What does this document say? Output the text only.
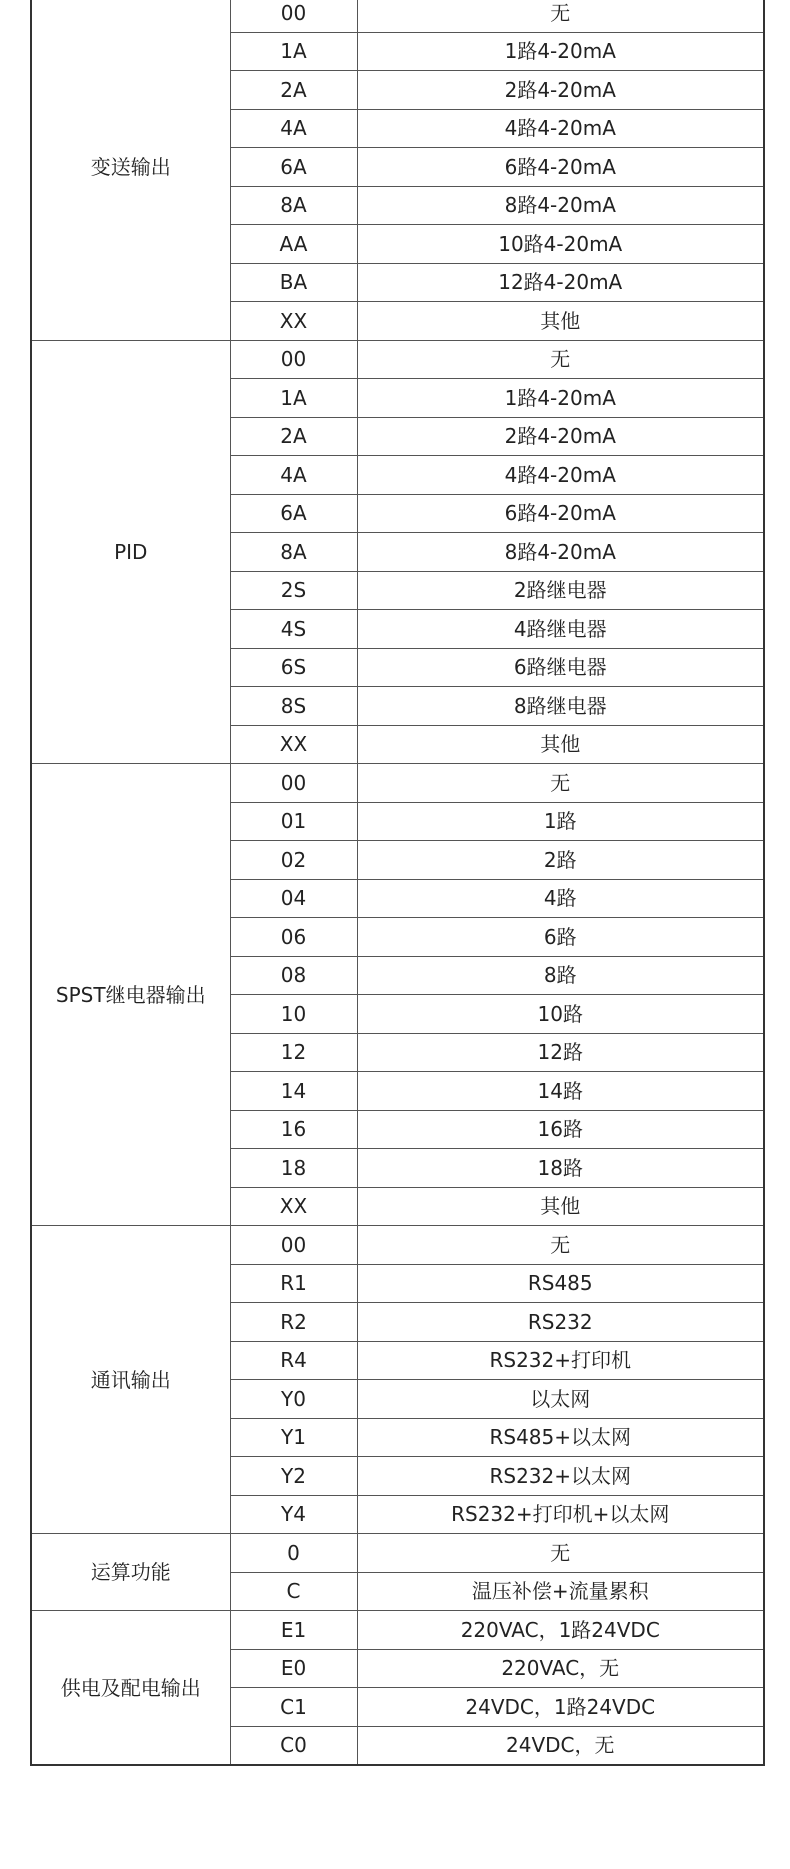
变送输出	00	无
	1A	1路4-20mA
	2A	2路4-20mA
	4A	4路4-20mA
	6A	6路4-20mA
	8A	8路4-20mA
	AA	10路4-20mA
	BA	12路4-20mA
	XX	其他
PID	00	无
	1A	1路4-20mA
	2A	2路4-20mA
	4A	4路4-20mA
	6A	6路4-20mA
	8A	8路4-20mA
	2S	2路继电器
	4S	4路继电器
	6S	6路继电器
	8S	8路继电器
	XX	其他
SPST继电器输出	00	无
	01	1路
	02	2路
	04	4路
	06	6路
	08	8路
	10	10路
	12	12路
	14	14路
	16	16路
	18	18路
	XX	其他
通讯输出	00	无
	R1	RS485
	R2	RS232
	R4	RS232+打印机
	Y0	以太网
	Y1	RS485+以太网
	Y2	RS232+以太网
	Y4	RS232+打印机+以太网
运算功能	0	无
	C	温压补偿+流量累积
供电及配电输出	E1	220VAC，1路24VDC
	E0	220VAC，无
	C1	24VDC，1路24VDC
	C0	24VDC，无
